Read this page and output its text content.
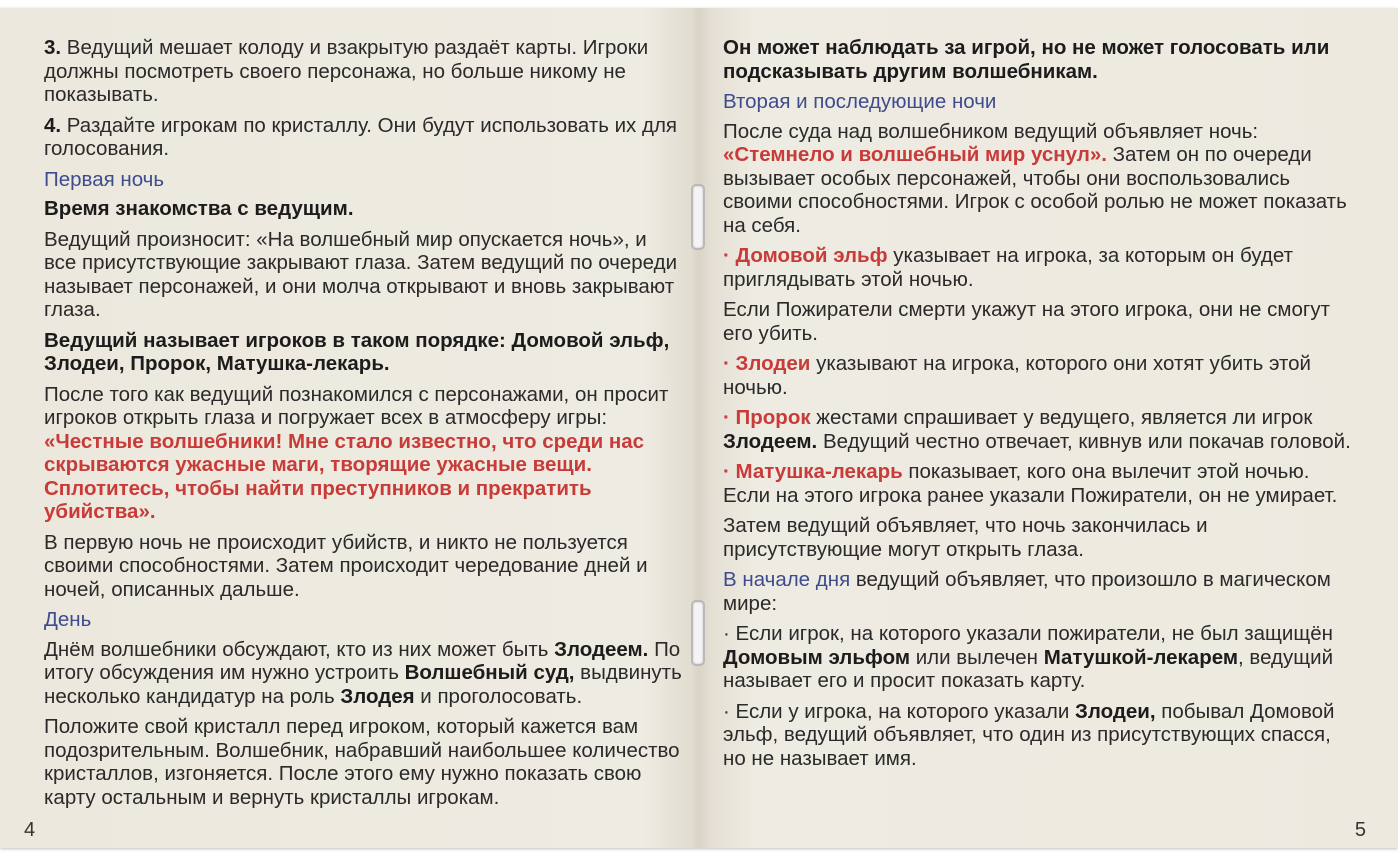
3. Ведущий мешает колоду и взакрытую раздаёт карты. Игроки должны посмотреть своего персонажа, но больше никому не показывать.

4. Раздайте игрокам по кристаллу. Они будут использовать их для голосования.

Первая ночь

Время знакомства с ведущим.

Ведущий произносит: «На волшебный мир опускается ночь», и все присутствующие закрывают глаза. Затем ведущий по очереди называет персонажей, и они молча открывают и вновь закрывают глаза.

Ведущий называет игроков в таком порядке: Домовой эльф, Злодеи, Пророк, Матушка-лекарь.

После того как ведущий познакомился с персонажами, он просит игроков открыть глаза и погружает всех в атмосферу игры: «Честные волшебники! Мне стало известно, что среди нас скрываются ужасные маги, творящие ужасные вещи. Сплотитесь, чтобы найти преступников и прекратить убийства».

В первую ночь не происходит убийств, и никто не пользуется своими способностями. Затем происходит чередование дней и ночей, описанных дальше.

День

Днём волшебники обсуждают, кто из них может быть Злодеем. По итогу обсуждения им нужно устроить Волшебный суд, выдвинуть несколько кандидатур на роль Злодея и проголосовать.

Положите свой кристалл перед игроком, который кажется вам подозрительным. Волшебник, набравший наибольшее количество кристаллов, изгоняется. После этого ему нужно показать свою карту остальным и вернуть кристаллы игрокам.

4

Он может наблюдать за игрой, но не может голосовать или подсказывать другим волшебникам.

Вторая и последующие ночи

После суда над волшебником ведущий объявляет ночь: «Стемнело и волшебный мир уснул». Затем он по очереди вызывает особых персонажей, чтобы они воспользовались своими способностями. Игрок с особой ролью не может показать на себя.

· Домовой эльф указывает на игрока, за которым он будет приглядывать этой ночью.

Если Пожиратели смерти укажут на этого игрока, они не смогут его убить.

· Злодеи указывают на игрока, которого они хотят убить этой ночью.

· Пророк жестами спрашивает у ведущего, является ли игрок Злодеем. Ведущий честно отвечает, кивнув или покачав головой.

· Матушка-лекарь показывает, кого она вылечит этой ночью. Если на этого игрока ранее указали Пожиратели, он не умирает.

Затем ведущий объявляет, что ночь закончилась и присутствующие могут открыть глаза.

В начале дня ведущий объявляет, что произошло в магическом мире:

· Если игрок, на которого указали пожиратели, не был защищён Домовым эльфом или вылечен Матушкой-лекарем, ведущий называет его и просит показать карту.

· Если у игрока, на которого указали Злодеи, побывал Домовой эльф, ведущий объявляет, что один из присутствующих спасся, но не называет имя.

5
